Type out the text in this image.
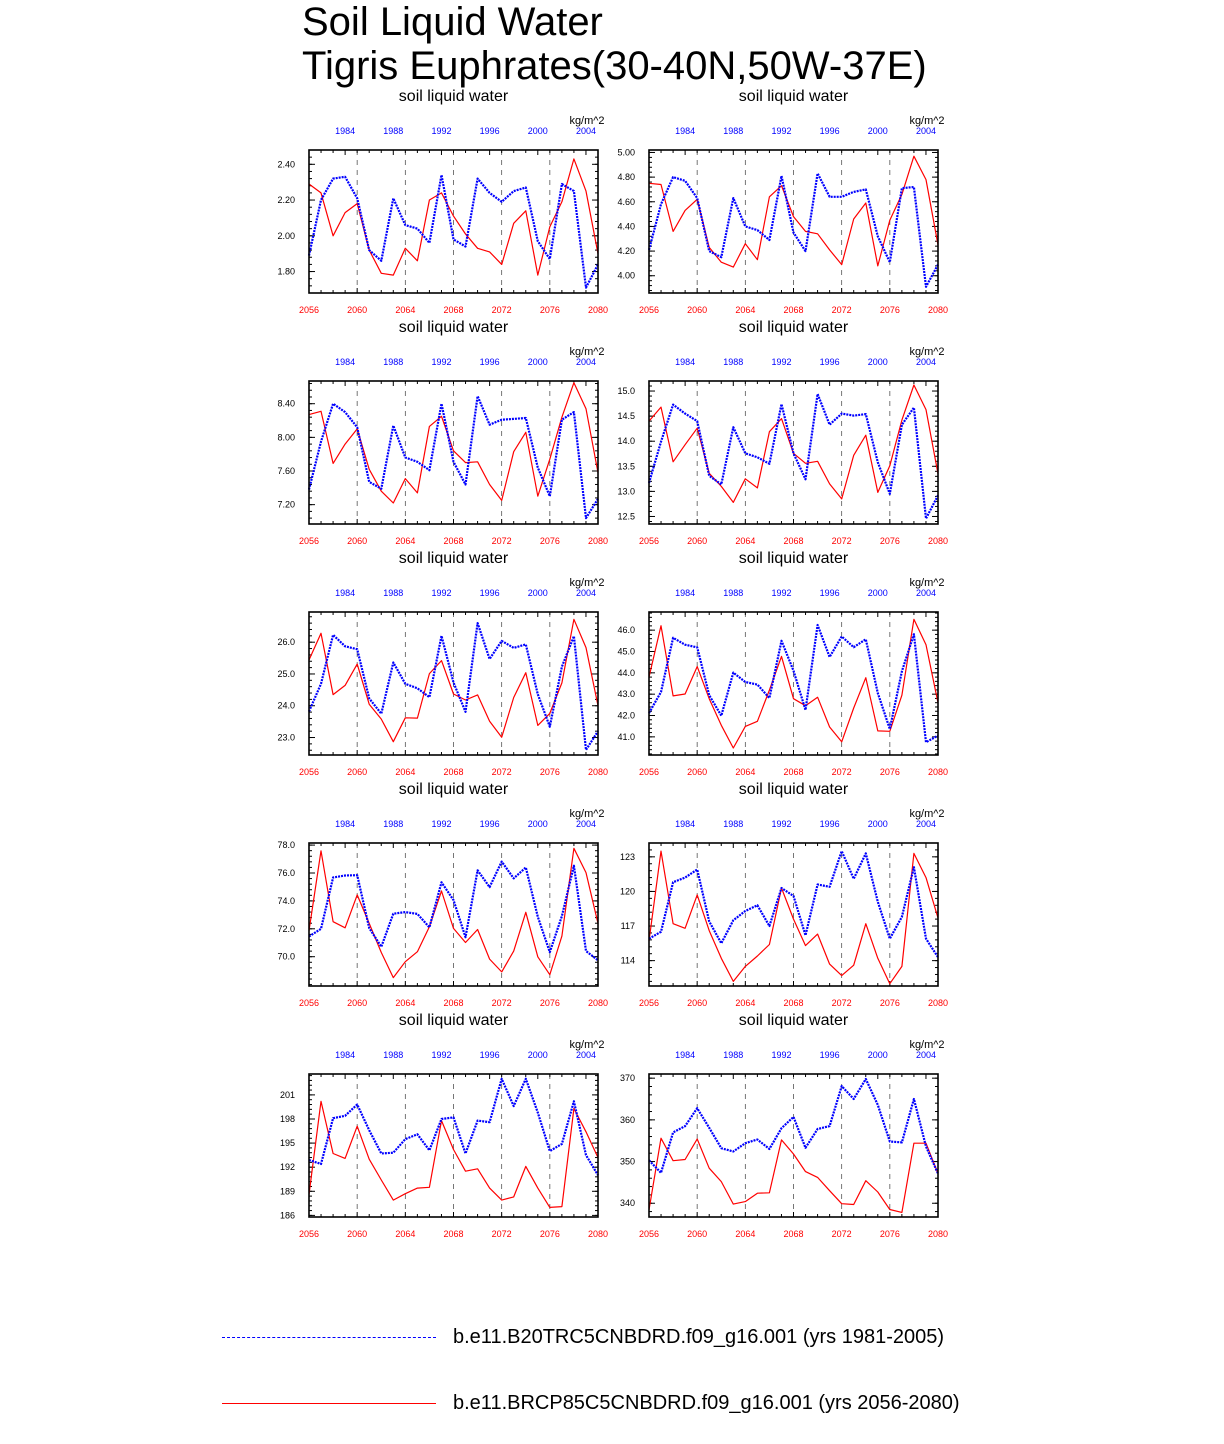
Soil Liquid Water
Tigris Euphrates(30-40N,50W-37E)
soil liquid water
kg/m^2
2056	2060	2064	2068	2072	2076	2080
1984	1988	1992	1996	2000	2004
1.80
2.00
2.20
2.40
soil liquid water
kg/m^2
2056	2060	2064	2068	2072	2076	2080
1984	1988	1992	1996	2000	2004
4.00
4.20
4.40
4.60
4.80
5.00
soil liquid water
kg/m^2
2056	2060	2064	2068	2072	2076	2080
1984	1988	1992	1996	2000	2004
7.20
7.60
8.00
8.40
soil liquid water
kg/m^2
2056	2060	2064	2068	2072	2076	2080
1984	1988	1992	1996	2000	2004
12.5
13.0
13.5
14.0
14.5
15.0
soil liquid water
kg/m^2
2056	2060	2064	2068	2072	2076	2080
1984	1988	1992	1996	2000	2004
23.0
24.0
25.0
26.0
soil liquid water
kg/m^2
2056	2060	2064	2068	2072	2076	2080
1984	1988	1992	1996	2000	2004
41.0
42.0
43.0
44.0
45.0
46.0
soil liquid water
kg/m^2
2056	2060	2064	2068	2072	2076	2080
1984	1988	1992	1996	2000	2004
70.0
72.0
74.0
76.0
78.0
soil liquid water
kg/m^2
2056	2060	2064	2068	2072	2076	2080
1984	1988	1992	1996	2000	2004
114
117
120
123
soil liquid water
kg/m^2
2056	2060	2064	2068	2072	2076	2080
1984	1988	1992	1996	2000	2004
186
189
192
195
198
201
soil liquid water
kg/m^2
2056	2060	2064	2068	2072	2076	2080
1984	1988	1992	1996	2000	2004
340
350
360
370
b.e11.B20TRC5CNBDRD.f09_g16.001 (yrs 1981-2005)
b.e11.BRCP85C5CNBDRD.f09_g16.001 (yrs 2056-2080)
